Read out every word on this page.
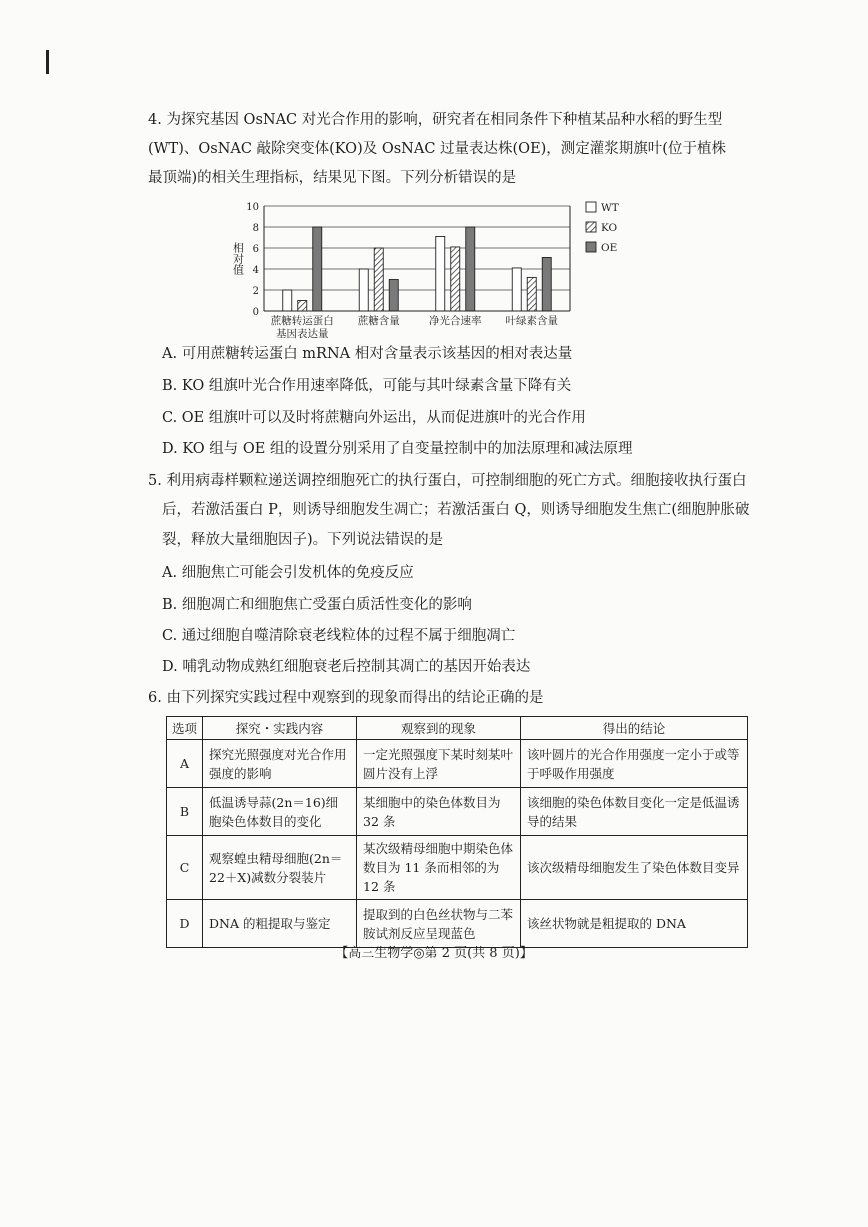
4. 为探究基因 OsNAC 对光合作用的影响，研究者在相同条件下种植某品种水稻的野生型
(WT)、OsNAC 敲除突变体(KO)及 OsNAC 过量表达株(OE)，测定灌浆期旗叶(位于植株
最顶端)的相关生理指标，结果见下图。下列分析错误的是
0
2
4
6
8
10
相对值
蔗糖转运蛋白
基因表达量
蔗糖含量	净光合速率 叶绿素含量
WT
KO
OE
A. 可用蔗糖转运蛋白 mRNA 相对含量表示该基因的相对表达量
B. KO 组旗叶光合作用速率降低，可能与其叶绿素含量下降有关
C. OE 组旗叶可以及时将蔗糖向外运出，从而促进旗叶的光合作用
D. KO 组与 OE 组的设置分别采用了自变量控制中的加法原理和减法原理
5. 利用病毒样颗粒递送调控细胞死亡的执行蛋白，可控制细胞的死亡方式。细胞接收执行蛋白
后，若激活蛋白 P，则诱导细胞发生凋亡；若激活蛋白 Q，则诱导细胞发生焦亡(细胞肿胀破
裂，释放大量细胞因子)。下列说法错误的是
A. 细胞焦亡可能会引发机体的免疫反应
B. 细胞凋亡和细胞焦亡受蛋白质活性变化的影响
C. 通过细胞自噬清除衰老线粒体的过程不属于细胞凋亡
D. 哺乳动物成熟红细胞衰老后控制其凋亡的基因开始表达
6. 由下列探究实践过程中观察到的现象而得出的结论正确的是
选项	探究・实践内容	观察到的现象	得出的结论
A	探究光照强度对光合作用强度的影响	一定光照强度下某时刻某叶圆片没有上浮	该叶圆片的光合作用强度一定小于或等于呼吸作用强度
B	低温诱导蒜(2n＝16)细胞染色体数目的变化	某细胞中的染色体数目为 32 条	该细胞的染色体数目变化一定是低温诱导的结果
C	观察蝗虫精母细胞(2n＝22＋X)减数分裂装片	某次级精母细胞中期染色体数目为 11 条而相邻的为 12 条	该次级精母细胞发生了染色体数目变异
D	DNA 的粗提取与鉴定	提取到的白色丝状物与二苯胺试剂反应呈现蓝色	该丝状物就是粗提取的 DNA
【高三生物学◎第 2 页(共 8 页)】
